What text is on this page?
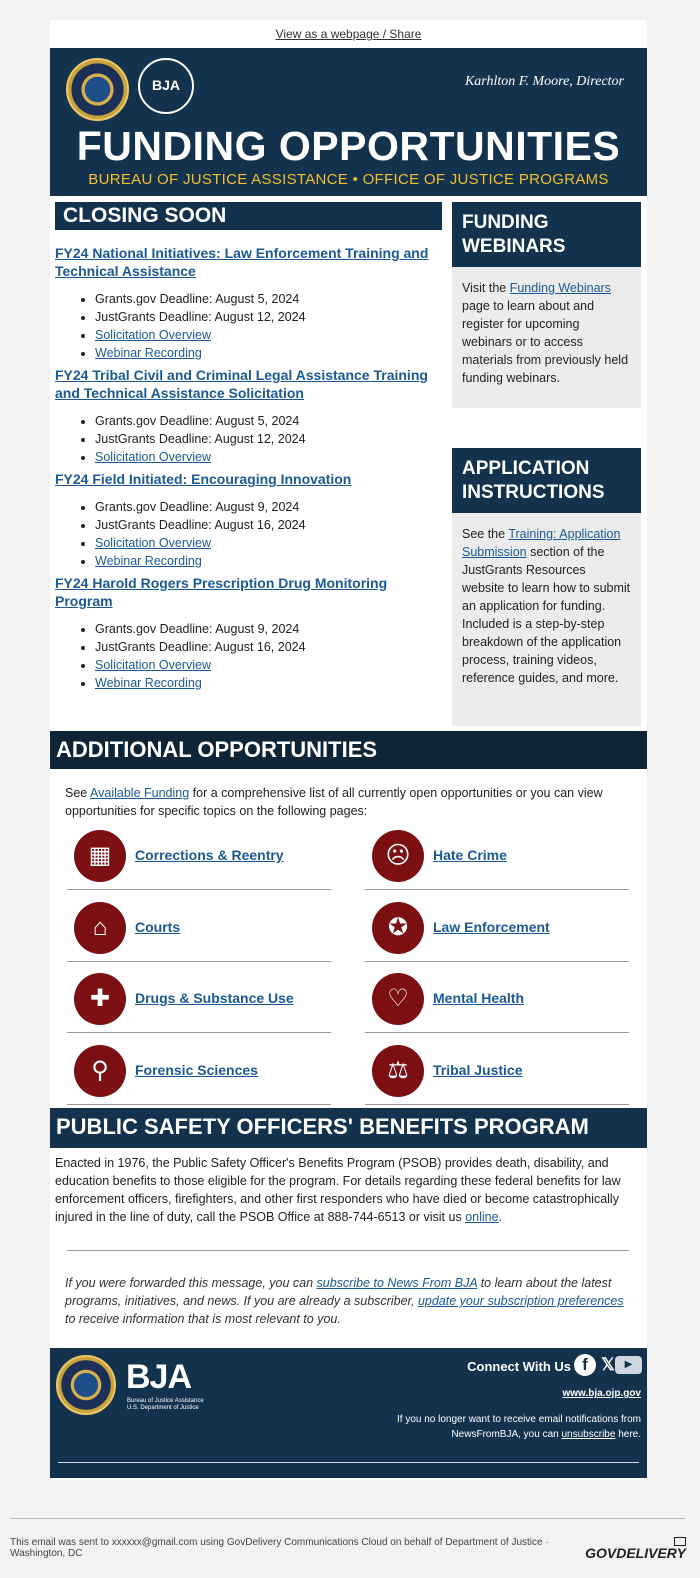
View as a webpage / Share
BJA	Karhlton F. Moore, Director
FUNDING OPPORTUNITIES
BUREAU OF JUSTICE ASSISTANCE • OFFICE OF JUSTICE PROGRAMS
CLOSING SOON
FY24 National Initiatives: Law Enforcement Training and Technical Assistance
• Grants.gov Deadline: August 5, 2024
• JustGrants Deadline: August 12, 2024
• Solicitation Overview
• Webinar Recording
FY24 Tribal Civil and Criminal Legal Assistance Training and Technical Assistance Solicitation
• Grants.gov Deadline: August 5, 2024
• JustGrants Deadline: August 12, 2024
• Solicitation Overview
FY24 Field Initiated: Encouraging Innovation
• Grants.gov Deadline: August 9, 2024
• JustGrants Deadline: August 16, 2024
• Solicitation Overview
• Webinar Recording
FY24 Harold Rogers Prescription Drug Monitoring Program
• Grants.gov Deadline: August 9, 2024
• JustGrants Deadline: August 16, 2024
• Solicitation Overview
• Webinar Recording
FUNDING
WEBINARS
Visit the Funding Webinars page to learn about and register for upcoming webinars or to access materials from previously held funding webinars.
APPLICATION
INSTRUCTIONS
See the Training: Application Submission section of the JustGrants Resources website to learn how to submit an application for funding. Included is a step-by-step breakdown of the application process, training videos, reference guides, and more.
ADDITIONAL OPPORTUNITIES
See Available Funding for a comprehensive list of all currently open opportunities or you can view opportunities for specific topics on the following pages:
▦	Corrections & Reentry	☹	Hate Crime
⌂	Courts	✪	Law Enforcement
✚	Drugs & Substance Use	♡	Mental Health
⚲	Forensic Sciences	⚖	Tribal Justice
PUBLIC SAFETY OFFICERS' BENEFITS PROGRAM
Enacted in 1976, the Public Safety Officer's Benefits Program (PSOB) provides death, disability, and education benefits to those eligible for the program. For details regarding these federal benefits for law enforcement officers, firefighters, and other first responders who have died or become catastrophically injured in the line of duty, call the PSOB Office at 888-744-6513 or visit us online.
If you were forwarded this message, you can subscribe to News From BJA to learn about the latest programs, initiatives, and news. If you are already a subscriber, update your subscription preferences to receive information that is most relevant to you.
BJA
Bureau of Justice Assistance
U.S. Department of Justice
Connect With Us f 𝕏 ▶
www.bja.ojp.gov
If you no longer want to receive email notifications from NewsFromBJA, you can unsubscribe here.
This email was sent to xxxxxx@gmail.com using GovDelivery Communications Cloud on behalf of Department of Justice · Washington, DC	GOVDELIVERY
